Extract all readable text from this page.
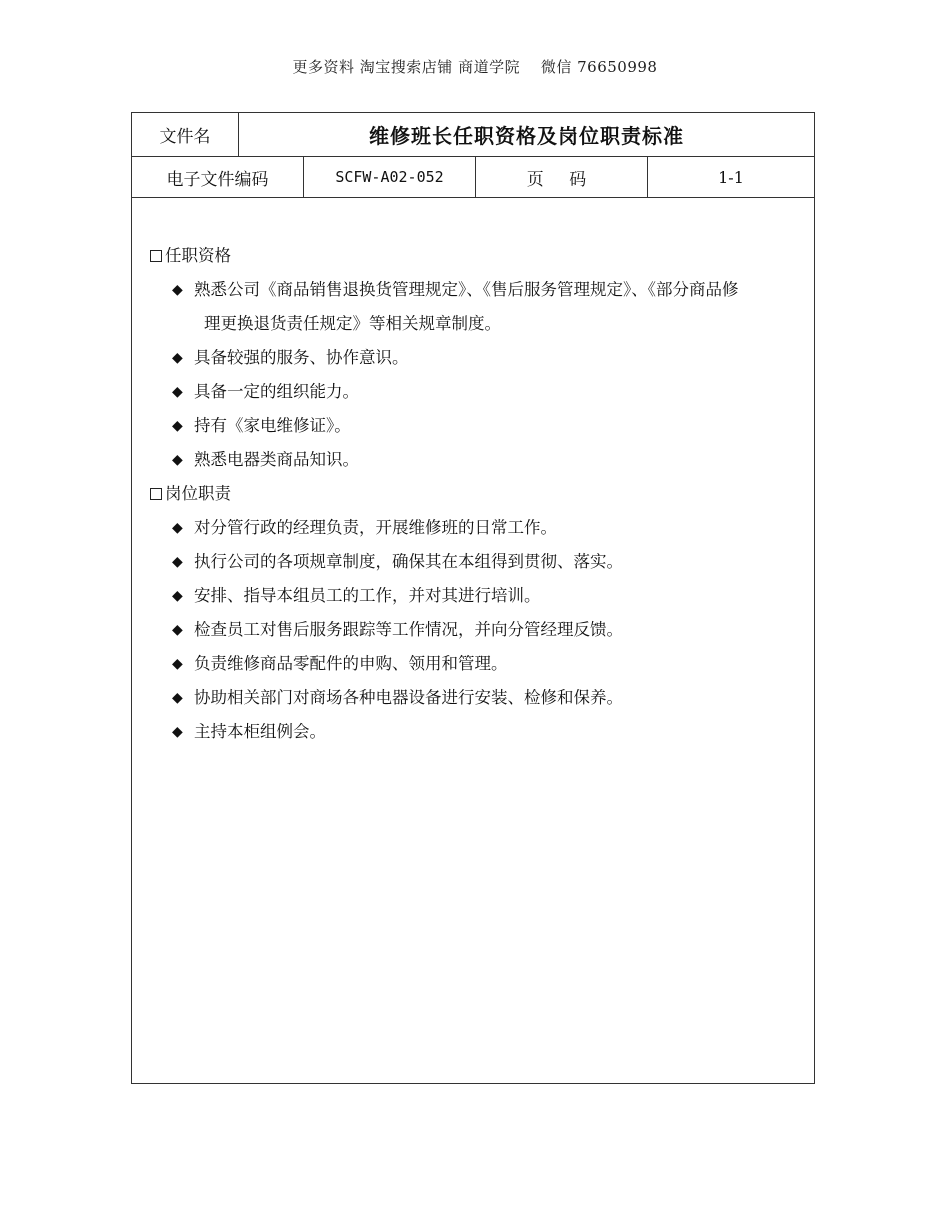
更多资料 淘宝搜索店铺 商道学院　 微信 76650998
文件名	维修班长任职资格及岗位职责标准
电子文件编码	SCFW-A02-052	页 码	1-1
任职资格
◆ 熟悉公司《商品销售退换货管理规定》、《售后服务管理规定》、《部分商品修
理更换退货责任规定》等相关规章制度。
◆ 具备较强的服务、协作意识。
◆ 具备一定的组织能力。
◆ 持有《家电维修证》。
◆ 熟悉电器类商品知识。
岗位职责
◆ 对分管行政的经理负责，开展维修班的日常工作。
◆ 执行公司的各项规章制度，确保其在本组得到贯彻、落实。
◆ 安排、指导本组员工的工作，并对其进行培训。
◆ 检查员工对售后服务跟踪等工作情况，并向分管经理反馈。
◆ 负责维修商品零配件的申购、领用和管理。
◆ 协助相关部门对商场各种电器设备进行安装、检修和保养。
◆ 主持本柜组例会。
